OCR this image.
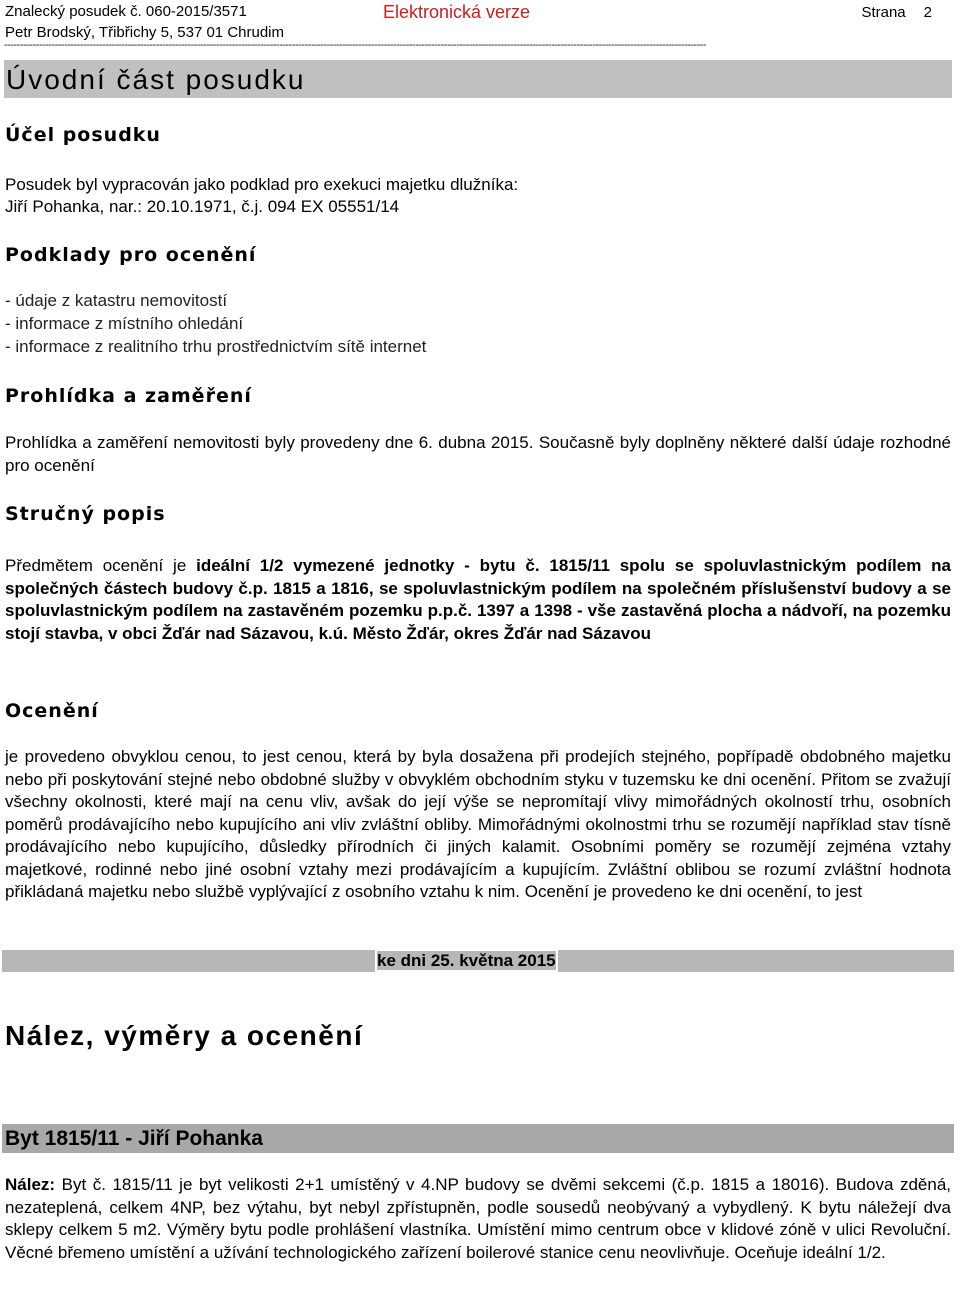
Znalecký posudek č. 060-2015/3571
Petr Brodský, Třibřichy 5, 537 01 Chrudim
Elektronická verze	Strana 2
------------------------------------------------------------------------------------------------------------------------------------------------------------------------------------------------------------------------------
Úvodní část posudku
Účel posudku
Posudek byl vypracován jako podklad pro exekuci majetku dlužníka:
Jiří Pohanka, nar.: 20.10.1971, č.j. 094 EX 05551/14
Podklady pro ocenění
- údaje z katastru nemovitostí
- informace z místního ohledání
- informace z realitního trhu prostřednictvím sítě internet
Prohlídka a zaměření
Prohlídka a zaměření nemovitosti byly provedeny dne 6. dubna 2015. Současně byly doplněny některé další údaje rozhodné pro ocenění
Stručný popis
Předmětem ocenění je ideální 1/2 vymezené jednotky - bytu č. 1815/11 spolu se spoluvlastnickým podílem na společných částech budovy č.p. 1815 a 1816, se spoluvlastnickým podílem na společném příslušenství budovy a se spoluvlastnickým podílem na zastavěném pozemku p.p.č. 1397 a 1398 - vše zastavěná plocha a nádvoří, na pozemku stojí stavba, v obci Žďár nad Sázavou, k.ú. Město Žďár, okres Žďár nad Sázavou
Ocenění
je provedeno obvyklou cenou, to jest cenou, která by byla dosažena při prodejích stejného, popřípadě obdobného majetku nebo při poskytování stejné nebo obdobné služby v obvyklém obchodním styku v tuzemsku ke dni ocenění. Přitom se zvažují všechny okolnosti, které mají na cenu vliv, avšak do její výše se nepromítají vlivy mimořádných okolností trhu, osobních poměrů prodávajícího nebo kupujícího ani vliv zvláštní obliby. Mimořádnými okolnostmi trhu se rozumějí například stav tísně prodávajícího nebo kupujícího, důsledky přírodních či jiných kalamit. Osobními poměry se rozumějí zejména vztahy majetkové, rodinné nebo jiné osobní vztahy mezi prodávajícím a kupujícím. Zvláštní oblibou se rozumí zvláštní hodnota přikládaná majetku nebo službě vyplývající z osobního vztahu k nim. Ocenění je provedeno ke dni ocenění, to jest
ke dni 25. května 2015
Nález, výměry a ocenění
Byt 1815/11 - Jiří Pohanka
Nález: Byt č. 1815/11 je byt velikosti 2+1 umístěný v 4.NP budovy se dvěmi sekcemi (č.p. 1815 a 18016). Budova zděná, nezateplená, celkem 4NP, bez výtahu, byt nebyl zpřístupněn, podle sousedů neobývaný a vybydlený. K bytu náležejí dva sklepy celkem 5 m2. Výměry bytu podle prohlášení vlastníka. Umístění mimo centrum obce v klidové zóně v ulici Revoluční. Věcné břemeno umístění a užívání technologického zařízení boilerové stanice cenu neovlivňuje. Oceňuje ideální 1/2.
